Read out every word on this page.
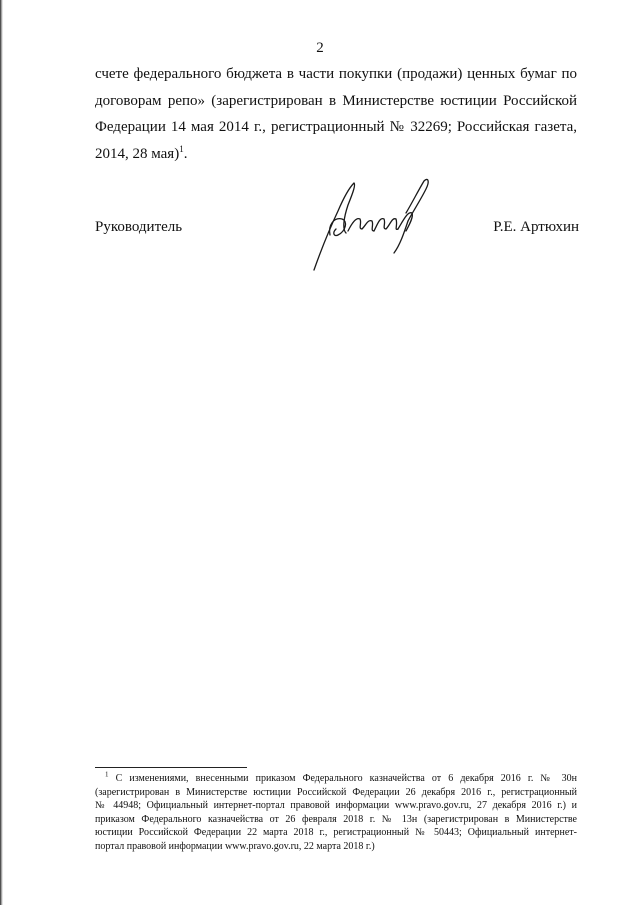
2
счете федерального бюджета в части покупки (продажи) ценных бумаг по
договорам репо» (зарегистрирован в Министерстве юстиции Российской
Федерации 14 мая 2014 г., регистрационный № 32269; Российская газета,
2014, 28 мая)$^1$.
Руководитель	Р.Е. Артюхин
$^1$ С изменениями, внесенными приказом Федерального казначейства от 6 декабря 2016 г. № 30н
(зарегистрирован в Министерстве юстиции Российской Федерации 26 декабря 2016 г., регистрационный
№ 44948; Официальный интернет-портал правовой информации www.pravo.gov.ru, 27 декабря 2016 г.) и
приказом Федерального казначейства от 26 февраля 2018 г. № 13н (зарегистрирован в Министерстве
юстиции Российской Федерации 22 марта 2018 г., регистрационный № 50443; Официальный интернет-
портал правовой информации www.pravo.gov.ru, 22 марта 2018 г.)
